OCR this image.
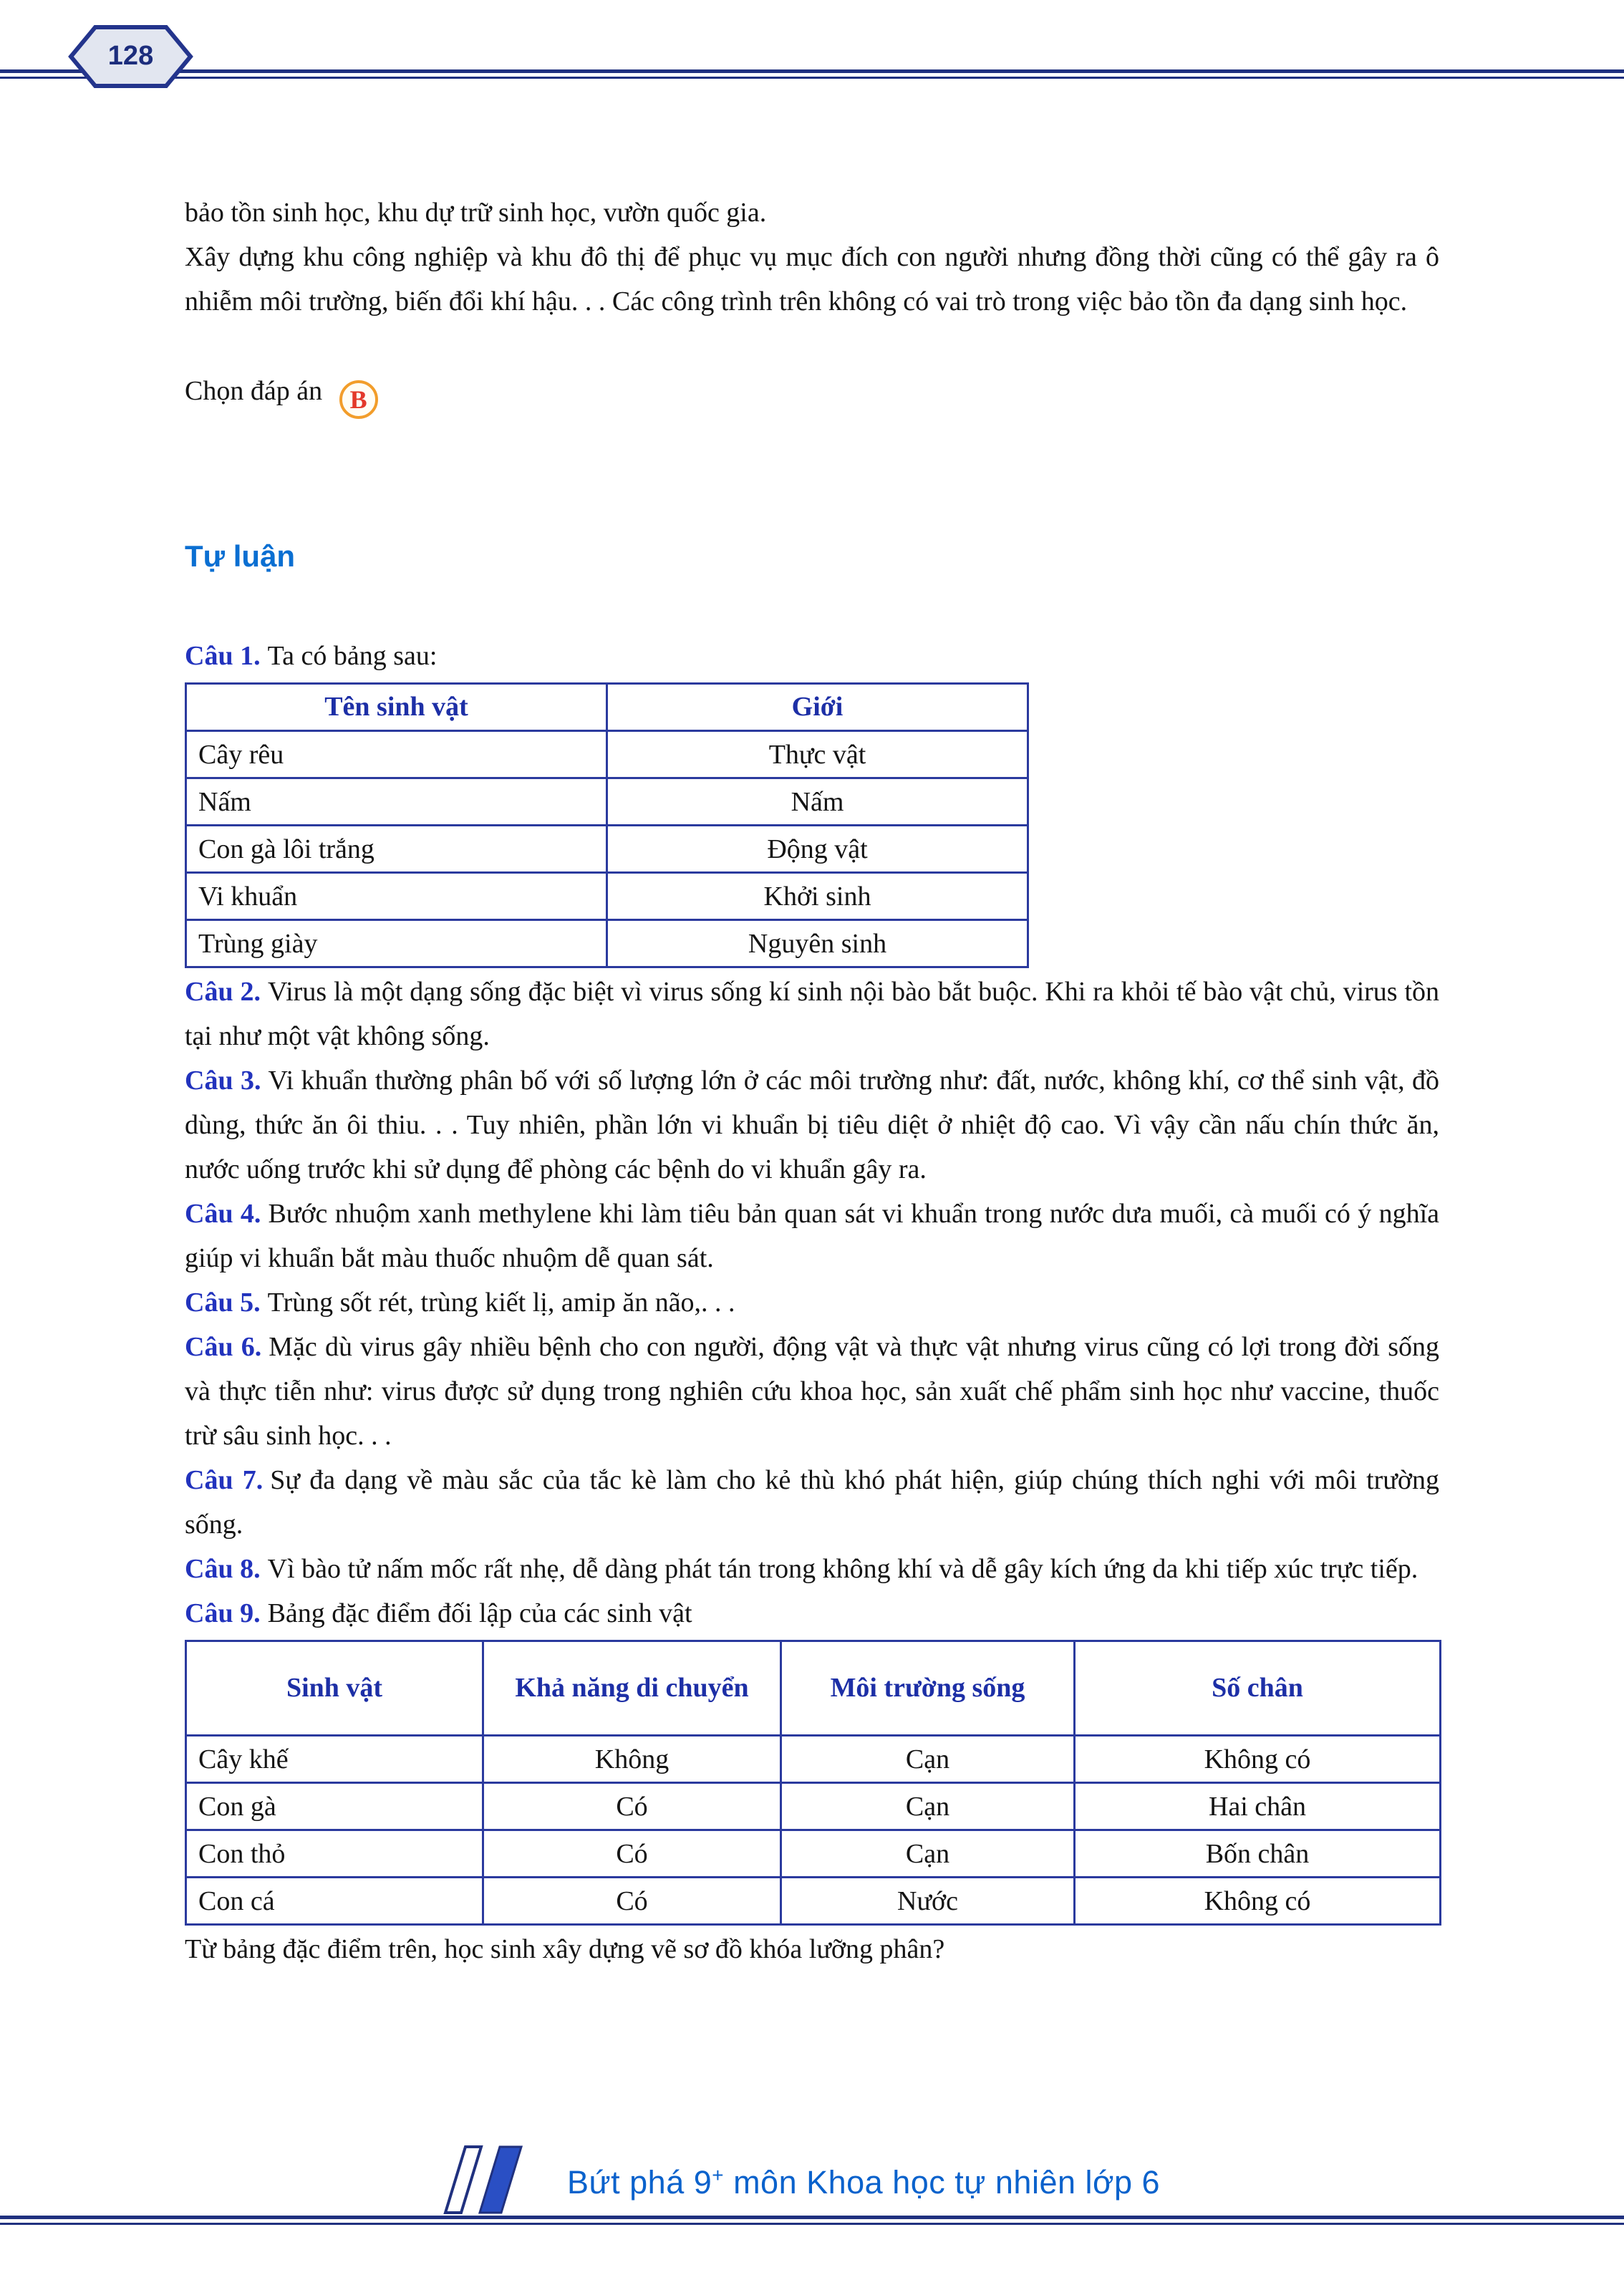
128

bảo tồn sinh học, khu dự trữ sinh học, vườn quốc gia.

Xây dựng khu công nghiệp và khu đô thị để phục vụ mục đích con người nhưng đồng thời cũng có thể gây ra ô nhiễm môi trường, biến đổi khí hậu. . . Các công trình trên không có vai trò trong việc bảo tồn đa dạng sinh học.

Chọn đáp án B

Tự luận

Câu 1. Ta có bảng sau:

Tên sinh vật	Giới
Cây rêu	Thực vật
Nấm	Nấm
Con gà lôi trắng	Động vật
Vi khuẩn	Khởi sinh
Trùng giày	Nguyên sinh

Câu 2. Virus là một dạng sống đặc biệt vì virus sống kí sinh nội bào bắt buộc. Khi ra khỏi tế bào vật chủ, virus tồn tại như một vật không sống.

Câu 3. Vi khuẩn thường phân bố với số lượng lớn ở các môi trường như: đất, nước, không khí, cơ thể sinh vật, đồ dùng, thức ăn ôi thiu. . . Tuy nhiên, phần lớn vi khuẩn bị tiêu diệt ở nhiệt độ cao. Vì vậy cần nấu chín thức ăn, nước uống trước khi sử dụng để phòng các bệnh do vi khuẩn gây ra.

Câu 4. Bước nhuộm xanh methylene khi làm tiêu bản quan sát vi khuẩn trong nước dưa muối, cà muối có ý nghĩa giúp vi khuẩn bắt màu thuốc nhuộm dễ quan sát.

Câu 5. Trùng sốt rét, trùng kiết lị, amip ăn não,. . .

Câu 6. Mặc dù virus gây nhiều bệnh cho con người, động vật và thực vật nhưng virus cũng có lợi trong đời sống và thực tiễn như: virus được sử dụng trong nghiên cứu khoa học, sản xuất chế phẩm sinh học như vaccine, thuốc trừ sâu sinh học. . .

Câu 7. Sự đa dạng về màu sắc của tắc kè làm cho kẻ thù khó phát hiện, giúp chúng thích nghi với môi trường sống.

Câu 8. Vì bào tử nấm mốc rất nhẹ, dễ dàng phát tán trong không khí và dễ gây kích ứng da khi tiếp xúc trực tiếp.

Câu 9. Bảng đặc điểm đối lập của các sinh vật

Sinh vật	Khả năng di chuyển	Môi trường sống	Số chân
Cây khế	Không	Cạn	Không có
Con gà	Có	Cạn	Hai chân
Con thỏ	Có	Cạn	Bốn chân
Con cá	Có	Nước	Không có

Từ bảng đặc điểm trên, học sinh xây dựng vẽ sơ đồ khóa lưỡng phân?

Bứt phá 9+ môn Khoa học tự nhiên lớp 6
